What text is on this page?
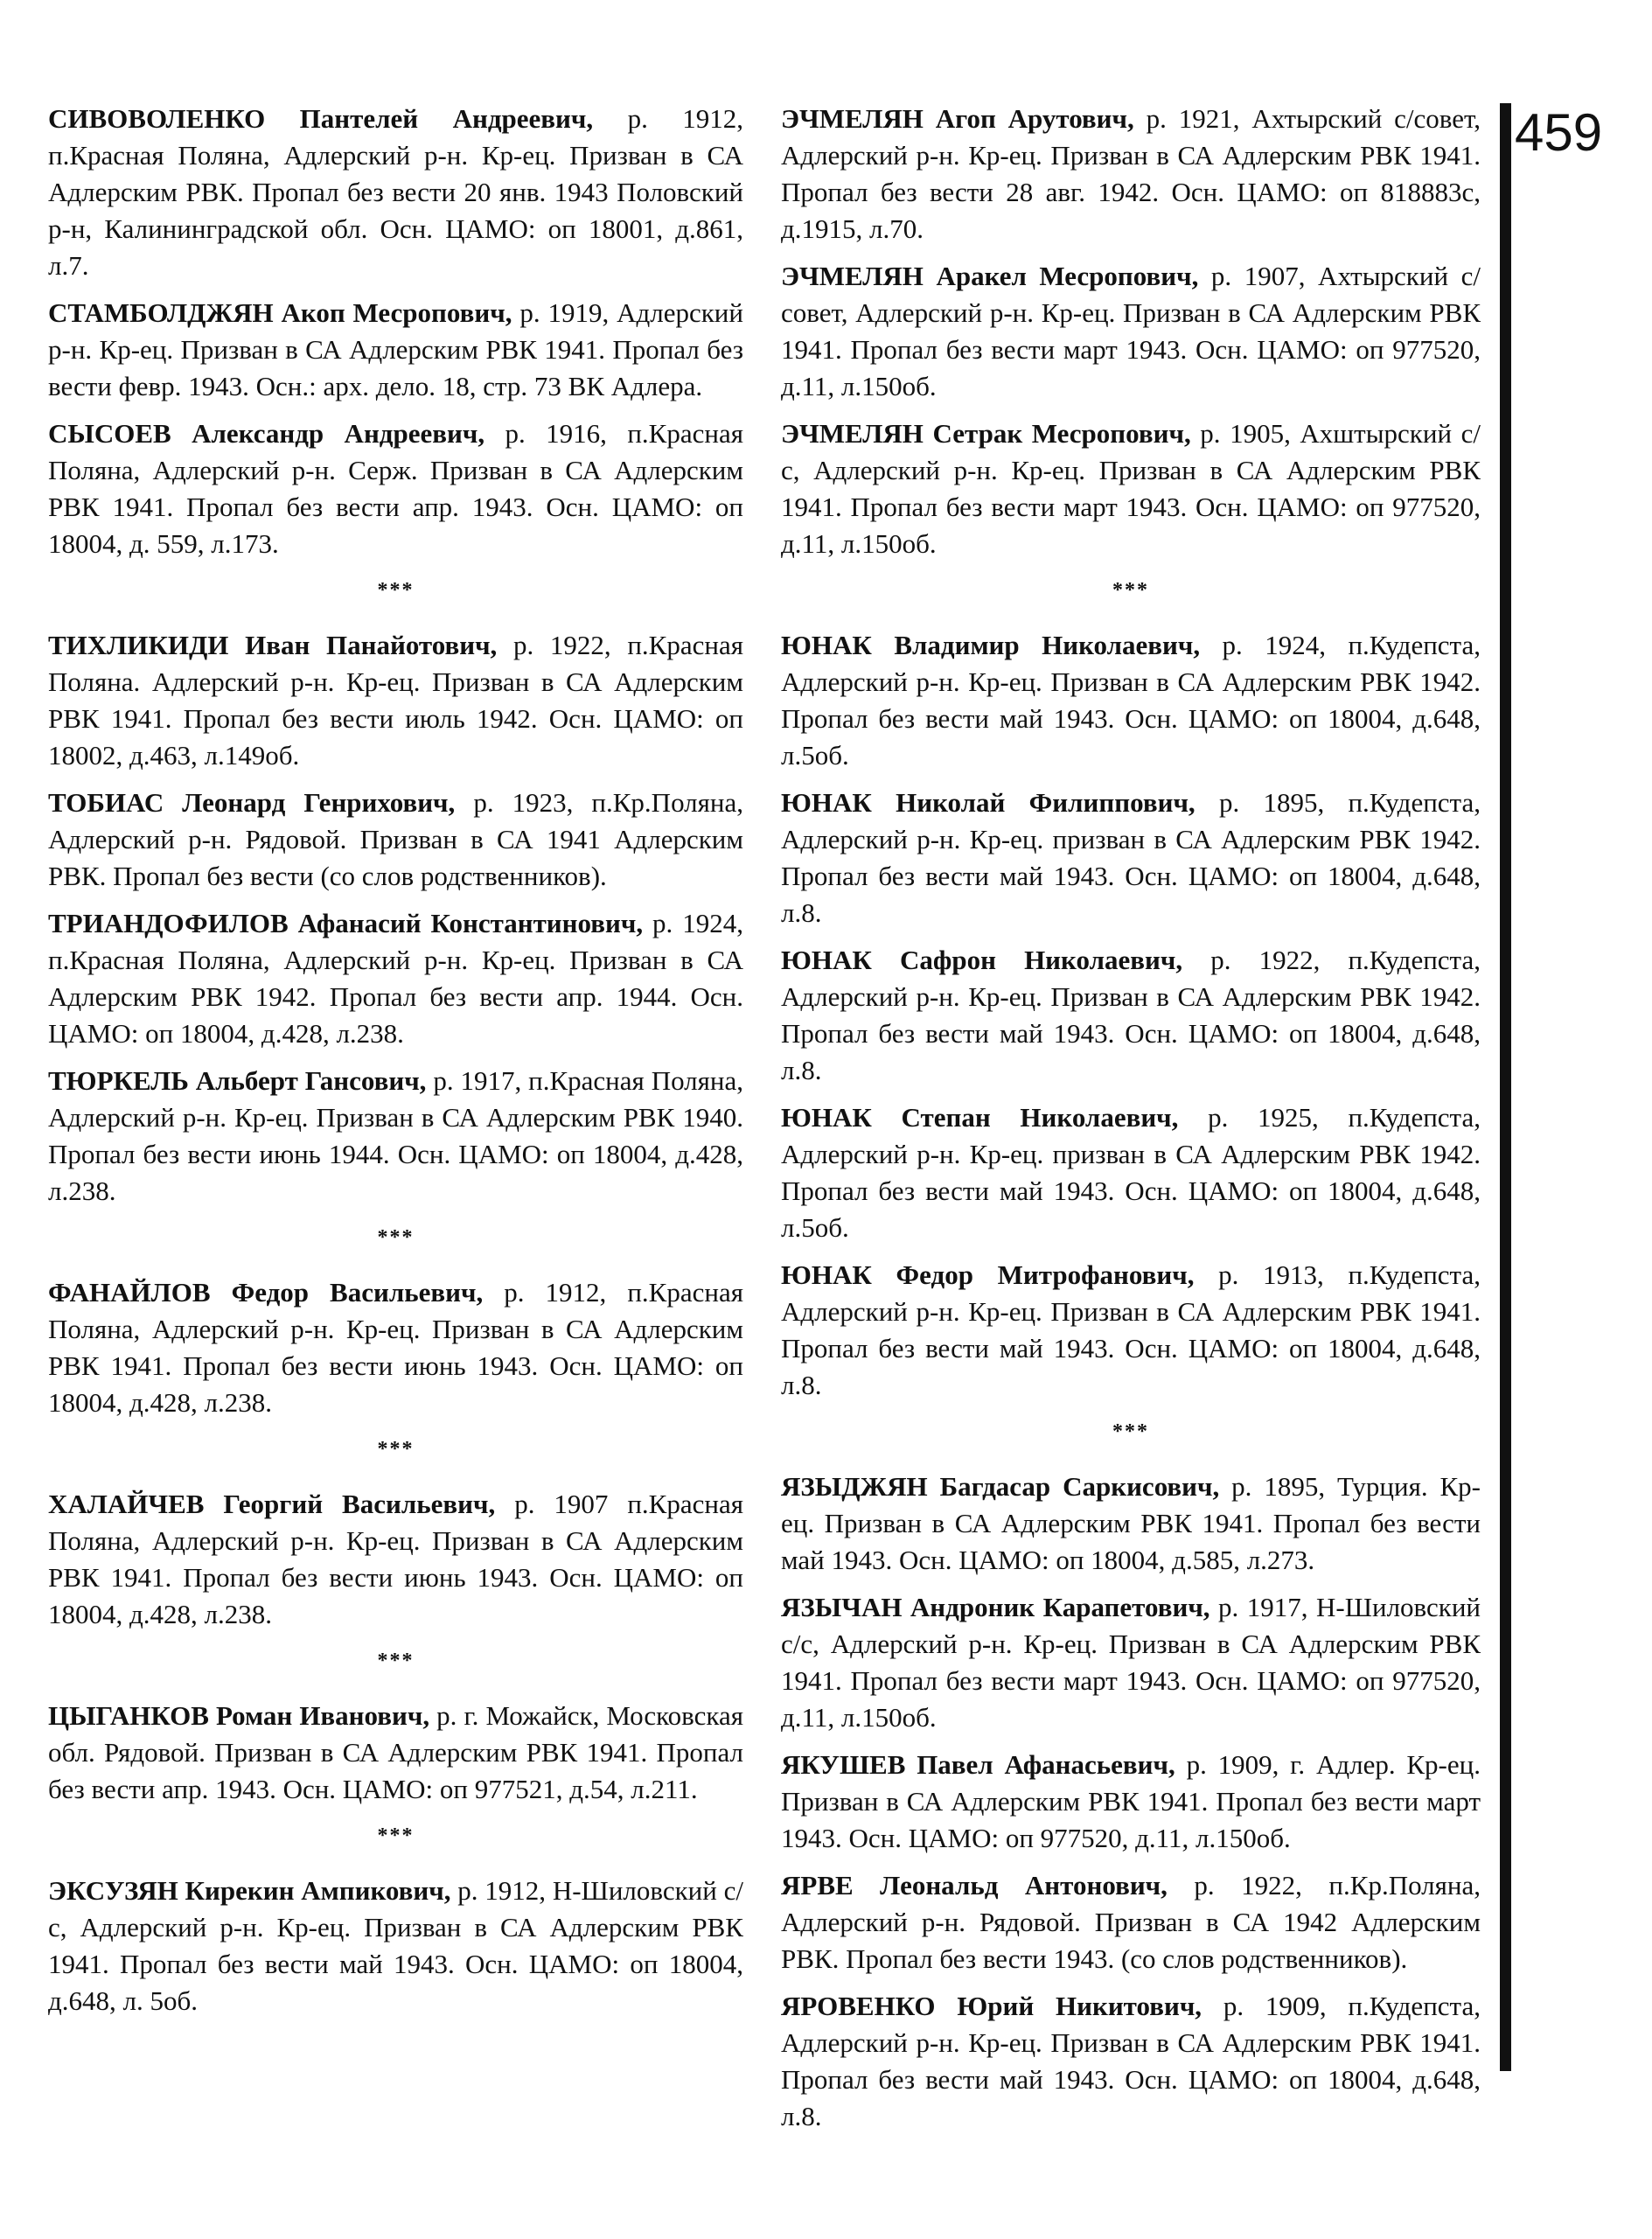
СИВОВОЛЕНКО Пантелей Андреевич, р. 1912, п.Красная Поляна, Адлерский р-н. Кр-ец. Призван в СА Адлерским РВК. Пропал без вести 20 янв. 1943 Половский р-н, Калининградской обл. Осн. ЦАМО: оп 18001, д.861, л.7.

СТАМБОЛДЖЯН Акоп Месропович, р. 1919, Адлерский р-н. Кр-ец. Призван в СА Адлерским РВК 1941. Пропал без вести февр. 1943. Осн.: арх. дело. 18, стр. 73 ВК Адлера.

СЫСОЕВ Александр Андреевич, р. 1916, п.Красная Поляна, Адлерский р-н. Серж. Призван в СА Адлерским РВК 1941. Пропал без вести апр. 1943. Осн. ЦАМО: оп 18004, д. 559, л.173.

***

ТИХЛИКИДИ Иван Панайотович, р. 1922, п.Красная Поляна. Адлерский р-н. Кр-ец. Призван в СА Адлерским РВК 1941. Пропал без вести июль 1942. Осн. ЦАМО: оп 18002, д.463, л.149об.

ТОБИАС Леонард Генрихович, р. 1923, п.Кр.Поляна, Адлерский р-н. Рядовой. Призван в СА 1941 Адлерским РВК. Пропал без вести (со слов родственников).

ТРИАНДОФИЛОВ Афанасий Константинович, р. 1924, п.Красная Поляна, Адлерский р-н. Кр-ец. Призван в СА Адлерским РВК 1942. Пропал без вести апр. 1944. Осн. ЦАМО: оп 18004, д.428, л.238.

ТЮРКЕЛЬ Альберт Гансович, р. 1917, п.Красная Поляна, Адлерский р-н. Кр-ец. Призван в СА Адлерским РВК 1940. Пропал без вести июнь 1944. Осн. ЦАМО: оп 18004, д.428, л.238.

***

ФАНАЙЛОВ Федор Васильевич, р. 1912, п.Красная Поляна, Адлерский р-н. Кр-ец. Призван в СА Адлерским РВК 1941. Пропал без вести июнь 1943. Осн. ЦАМО: оп 18004, д.428, л.238.

***

ХАЛАЙЧЕВ Георгий Васильевич, р. 1907 п.Красная Поляна, Адлерский р-н. Кр-ец. Призван в СА Адлерским РВК 1941. Пропал без вести июнь 1943. Осн. ЦАМО: оп 18004, д.428, л.238.

***

ЦЫГАНКОВ Роман Иванович, р. г. Можайск, Московская обл. Рядовой. Призван в СА Адлерским РВК 1941. Пропал без вести апр. 1943. Осн. ЦАМО: оп 977521, д.54, л.211.

***

ЭКСУЗЯН Кирекин Ампикович, р. 1912, Н-Шиловский с/с, Адлерский р-н. Кр-ец. Призван в СА Адлерским РВК 1941. Пропал без вести май 1943. Осн. ЦАМО: оп 18004, д.648, л. 5об.

ЭЧМЕЛЯН Агоп Арутович, р. 1921, Ахтырский с/совет, Адлерский р-н. Кр-ец. Призван в СА Адлерским РВК 1941. Пропал без вести 28 авг. 1942. Осн. ЦАМО: оп 818883с, д.1915, л.70.

ЭЧМЕЛЯН Аракел Месропович, р. 1907, Ахтырский с/совет, Адлерский р-н. Кр-ец. Призван в СА Адлерским РВК 1941. Пропал без вести март 1943. Осн. ЦАМО: оп 977520, д.11, л.150об.

ЭЧМЕЛЯН Сетрак Месропович, р. 1905, Ахштырский с/с, Адлерский р-н. Кр-ец. Призван в СА Адлерским РВК 1941. Пропал без вести март 1943. Осн. ЦАМО: оп 977520, д.11, л.150об.

***

ЮНАК Владимир Николаевич, р. 1924, п.Кудепста, Адлерский р-н. Кр-ец. Призван в СА Адлерским РВК 1942. Пропал без вести май 1943. Осн. ЦАМО: оп 18004, д.648, л.5об.

ЮНАК Николай Филиппович, р. 1895, п.Кудепста, Адлерский р-н. Кр-ец. призван в СА Адлерским РВК 1942. Пропал без вести май 1943. Осн. ЦАМО: оп 18004, д.648, л.8.

ЮНАК Сафрон Николаевич, р. 1922, п.Кудепста, Адлерский р-н. Кр-ец. Призван в СА Адлерским РВК 1942. Пропал без вести май 1943. Осн. ЦАМО: оп 18004, д.648, л.8.

ЮНАК Степан Николаевич, р. 1925, п.Кудепста, Адлерский р-н. Кр-ец. призван в СА Адлерским РВК 1942. Пропал без вести май 1943. Осн. ЦАМО: оп 18004, д.648, л.5об.

ЮНАК Федор Митрофанович, р. 1913, п.Кудепста, Адлерский р-н. Кр-ец. Призван в СА Адлерским РВК 1941. Пропал без вести май 1943. Осн. ЦАМО: оп 18004, д.648, л.8.

***

ЯЗЫДЖЯН Багдасар Саркисович, р. 1895, Турция. Кр-ец. Призван в СА Адлерским РВК 1941. Пропал без вести май 1943. Осн. ЦАМО: оп 18004, д.585, л.273.

ЯЗЫЧАН Андроник Карапетович, р. 1917, Н-Шиловский с/с, Адлерский р-н. Кр-ец. Призван в СА Адлерским РВК 1941. Пропал без вести март 1943. Осн. ЦАМО: оп 977520, д.11, л.150об.

ЯКУШЕВ Павел Афанасьевич, р. 1909, г. Адлер. Кр-ец. Призван в СА Адлерским РВК 1941. Пропал без вести март 1943. Осн. ЦАМО: оп 977520, д.11, л.150об.

ЯРВЕ Леональд Антонович, р. 1922, п.Кр.Поляна, Адлерский р-н. Рядовой. Призван в СА 1942 Адлерским РВК. Пропал без вести 1943. (со слов родственников).

ЯРОВЕНКО Юрий Никитович, р. 1909, п.Кудепста, Адлерский р-н. Кр-ец. Призван в СА Адлерским РВК 1941. Пропал без вести май 1943. Осн. ЦАМО: оп 18004, д.648, л.8.

459
